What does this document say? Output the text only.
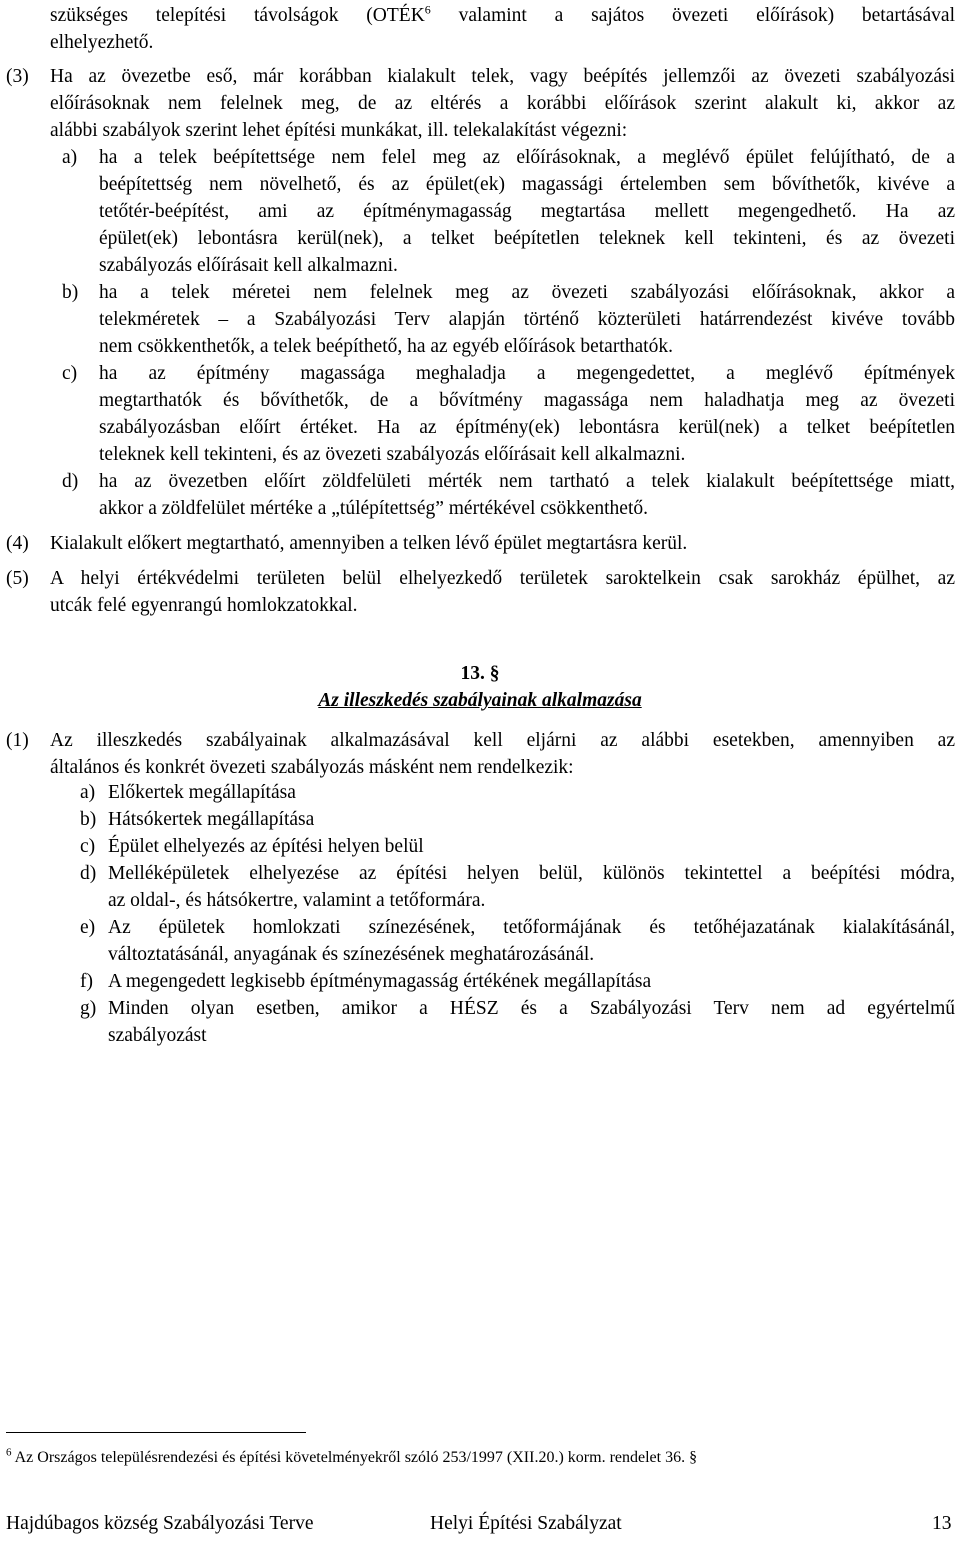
szükséges telepítési távolságok (OTÉK$^6$ valamint a sajátos övezeti előírások) betartásával
elhelyezhető.
(3) Ha az övezetbe eső, már korábban kialakult telek, vagy beépítés jellemzői az övezeti szabályozási
előírásoknak nem felelnek meg, de az eltérés a korábbi előírások szerint alakult ki, akkor az
alábbi szabályok szerint lehet építési munkákat, ill. telekalakítást végezni:
a) ha a telek beépítettsége nem felel meg az előírásoknak, a meglévő épület felújítható, de a
beépítettség nem növelhető, és az épület(ek) magassági értelemben sem bővíthetők, kivéve a
tetőtér-beépítést, ami az építménymagasság megtartása mellett megengedhető. Ha az
épület(ek) lebontásra kerül(nek), a telket beépítetlen teleknek kell tekinteni, és az övezeti
szabályozás előírásait kell alkalmazni.
b) ha a telek méretei nem felelnek meg az övezeti szabályozási előírásoknak, akkor a
telekméretek – a Szabályozási Terv alapján történő közterületi határrendezést kivéve tovább
nem csökkenthetők, a telek beépíthető, ha az egyéb előírások betarthatók.
c) ha az építmény magassága meghaladja a megengedettet, a meglévő építmények
megtarthatók és bővíthetők, de a bővítmény magassága nem haladhatja meg az övezeti
szabályozásban előírt értéket. Ha az építmény(ek) lebontásra kerül(nek) a telket beépítetlen
teleknek kell tekinteni, és az övezeti szabályozás előírásait kell alkalmazni.
d) ha az övezetben előírt zöldfelületi mérték nem tartható a telek kialakult beépítettsége miatt,
akkor a zöldfelület mértéke a „túlépítettség” mértékével csökkenthető.
(4) Kialakult előkert megtartható, amennyiben a telken lévő épület megtartásra kerül.
(5) A helyi értékvédelmi területen belül elhelyezkedő területek saroktelkein csak sarokház épülhet, az
utcák felé egyenrangú homlokzatokkal.
13. §
Az illeszkedés szabályainak alkalmazása
(1) Az illeszkedés szabályainak alkalmazásával kell eljárni az alábbi esetekben, amennyiben az
általános és konkrét övezeti szabályozás másként nem rendelkezik:
a) Előkertek megállapítása
b) Hátsókertek megállapítása
c) Épület elhelyezés az építési helyen belül
d) Melléképületek elhelyezése az építési helyen belül, különös tekintettel a beépítési módra,
az oldal-, és hátsókertre, valamint a tetőformára.
e) Az épületek homlokzati színezésének, tetőformájának és tetőhéjazatának kialakításánál,
változtatásánál, anyagának és színezésének meghatározásánál.
f) A megengedett legkisebb építménymagasság értékének megállapítása
g) Minden olyan esetben, amikor a HÉSZ és a Szabályozási Terv nem ad egyértelmű
szabályozást
$^6$ Az Országos településrendezési és építési követelményekről szóló 253/1997 (XII.20.) korm. rendelet 36. §
Hajdúbagos község Szabályozási Terve	Helyi Építési Szabályzat	13
